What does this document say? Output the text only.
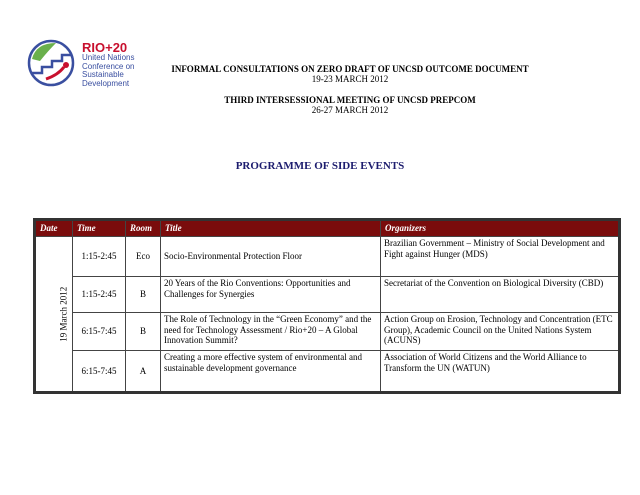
RIO+20
United Nations
Conference on
Sustainable
Development
INFORMAL CONSULTATIONS ON ZERO DRAFT OF UNCSD OUTCOME DOCUMENT
19-23 MARCH 2012
THIRD INTERSESSIONAL MEETING OF UNCSD PREPCOM
26-27 MARCH 2012
PROGRAMME OF SIDE EVENTS
Date	Time	Room	Title	Organizers
19 March 2012	1:15-2:45	Eco	Socio-Environmental Protection Floor	Brazilian Government – Ministry of Social Development and Fight against Hunger (MDS)
	1:15-2:45	B	20 Years of the Rio Conventions: Opportunities and Challenges for Synergies	Secretariat of the Convention on Biological Diversity (CBD)
	6:15-7:45	B	The Role of Technology in the “Green Economy” and the need for Technology Assessment / Rio+20 – A Global Innovation Summit?	Action Group on Erosion, Technology and Concentration (ETC Group), Academic Council on the United Nations System (ACUNS)
	6:15-7:45	A	Creating a more effective system of environmental and sustainable development governance	Association of World Citizens and the World Alliance to Transform the UN (WATUN)
